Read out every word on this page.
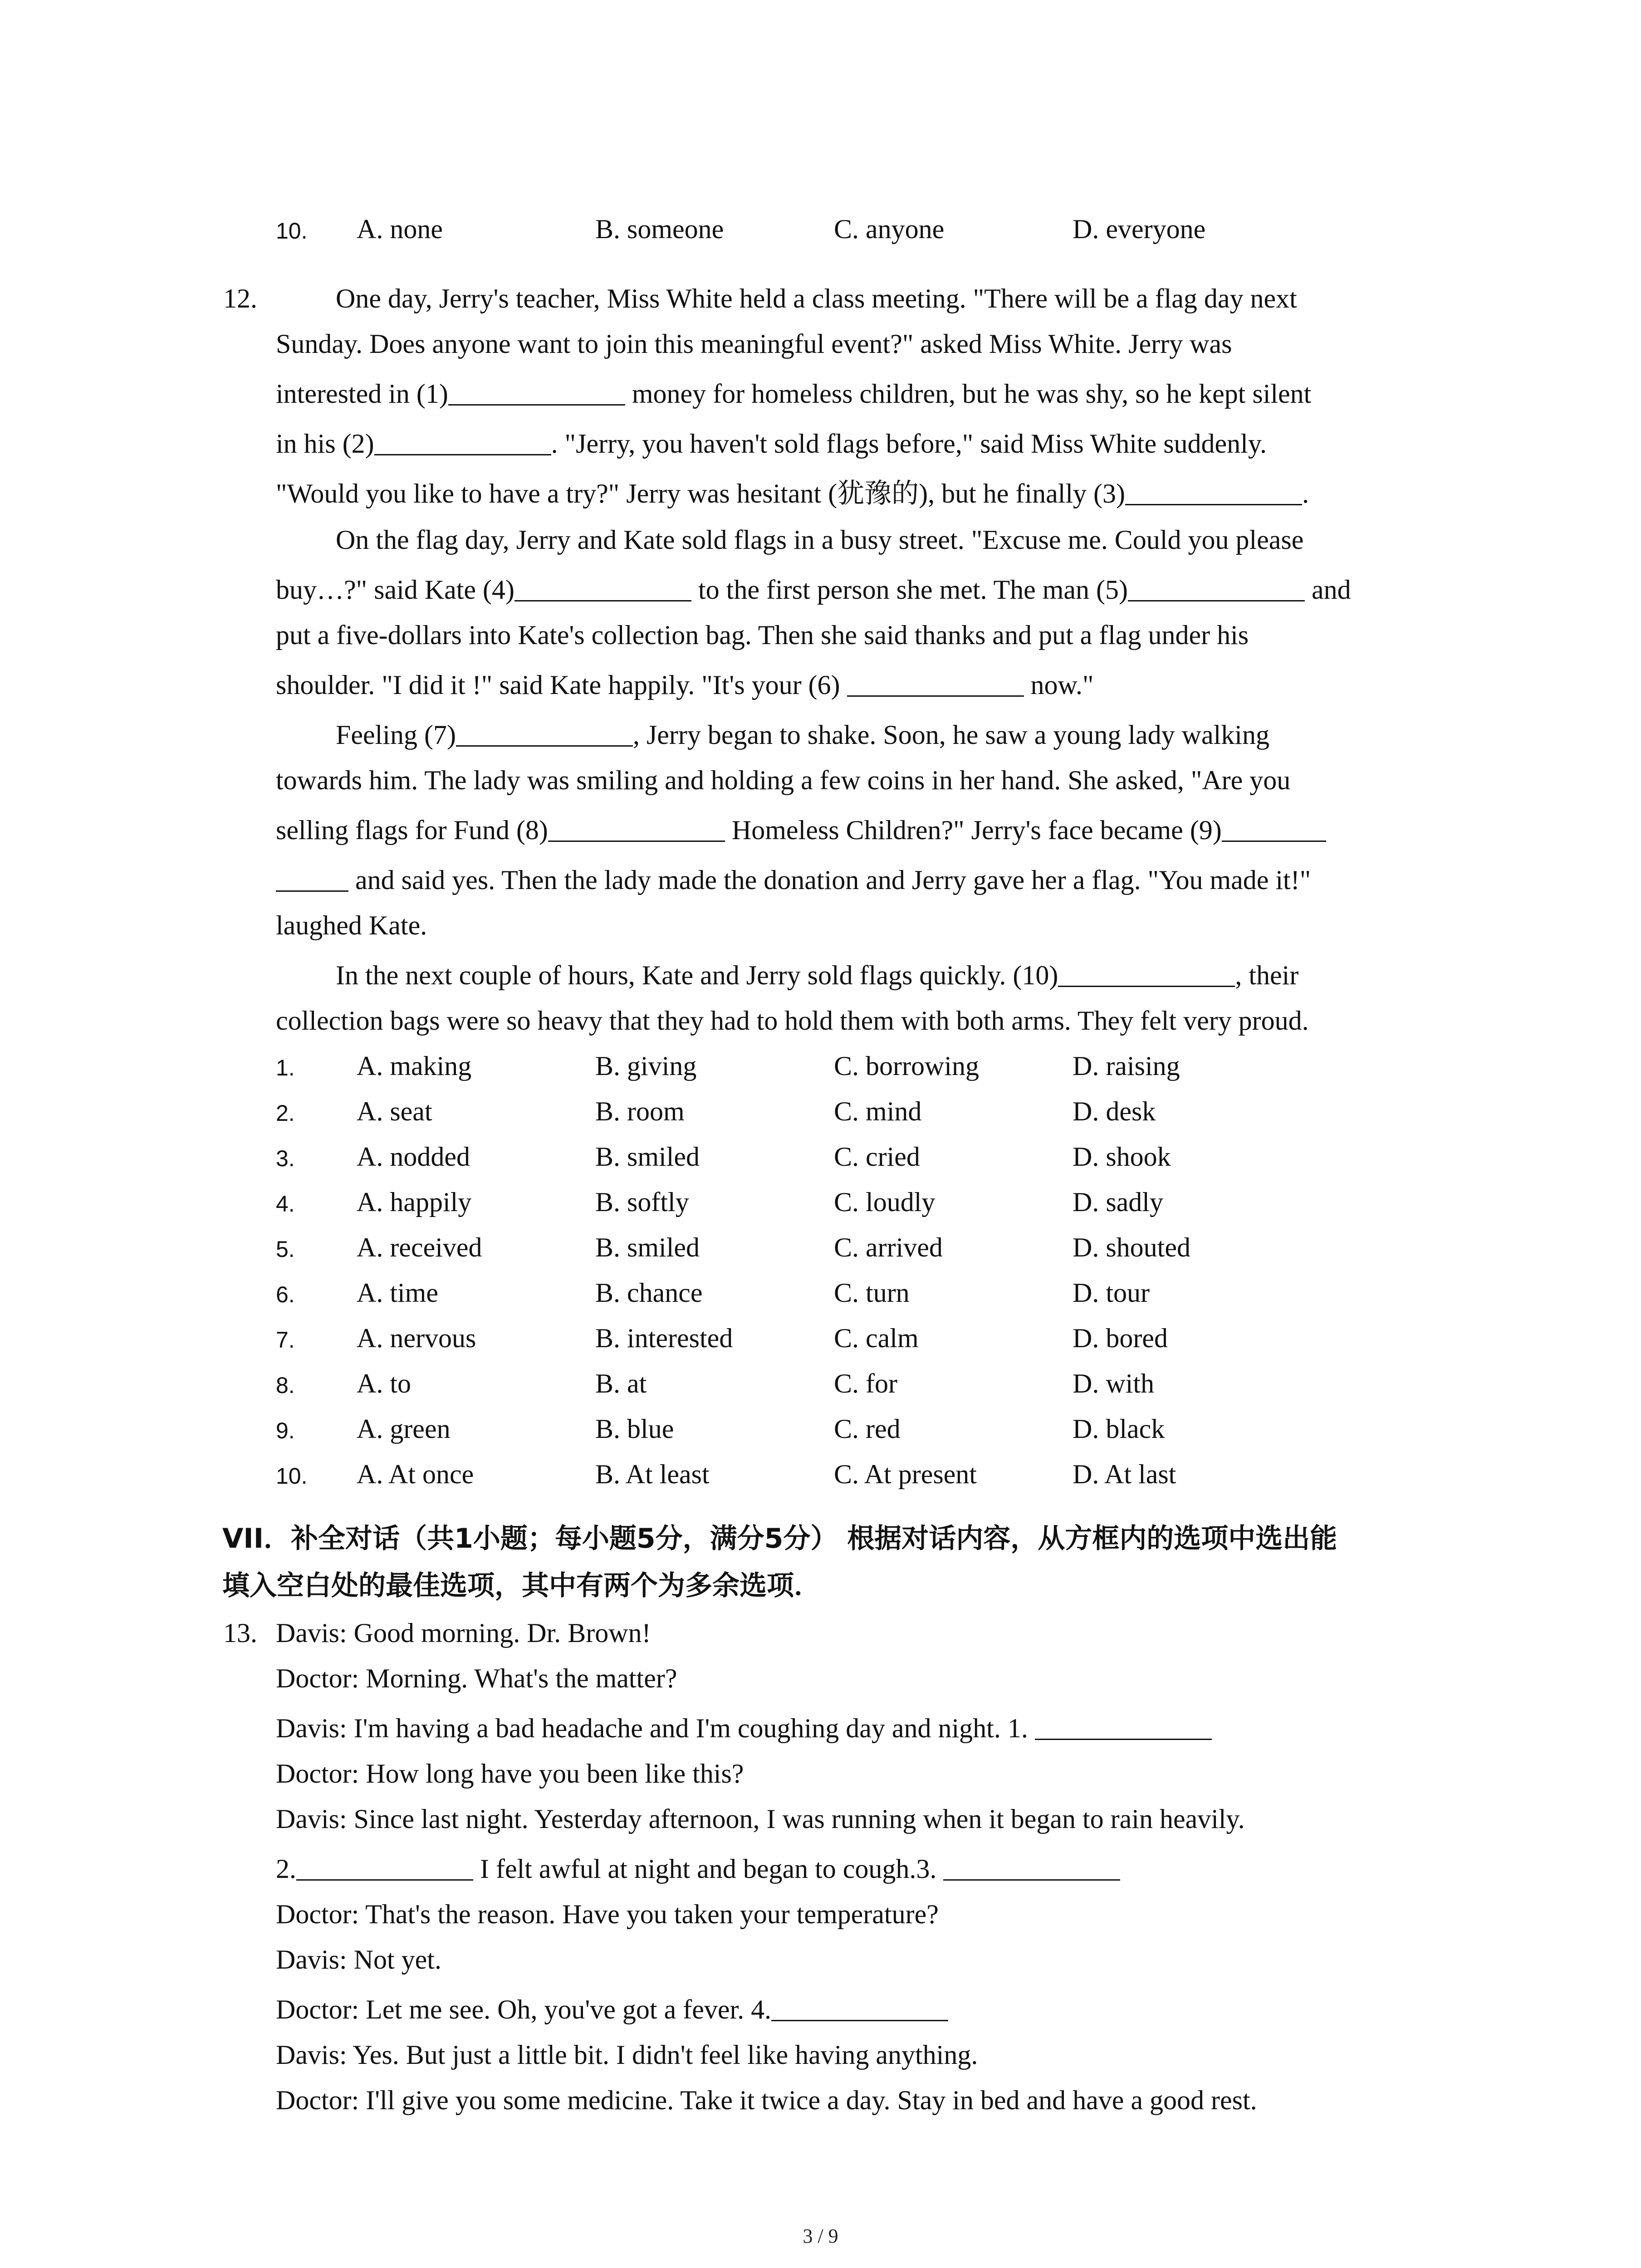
10. A. none	B. someone	C. anyone	D. everyone
12.	One day, Jerry's teacher, Miss White held a class meeting. "There will be a flag day next
Sunday. Does anyone want to join this meaningful event?" asked Miss White. Jerry was
interested in (1)	money for homeless children, but he was shy, so he kept silent
in his (2)	. "Jerry, you haven't sold flags before," said Miss White suddenly.
"Would you like to have a try?" Jerry was hesitant (犹豫的), but he finally (3)	.
On the flag day, Jerry and Kate sold flags in a busy street. "Excuse me. Could you please
buy…?" said Kate (4)	to the first person she met. The man (5)	and
put a five-dollars into Kate's collection bag. Then she said thanks and put a flag under his
shoulder. "I did it !" said Kate happily. "It's your (6)	now."
Feeling (7)	, Jerry began to shake. Soon, he saw a young lady walking
towards him. The lady was smiling and holding a few coins in her hand. She asked, "Are you
selling flags for Fund (8)	Homeless Children?" Jerry's face became (9)
and said yes. Then the lady made the donation and Jerry gave her a flag. "You made it!"
laughed Kate.
In the next couple of hours, Kate and Jerry sold flags quickly. (10)	, their
collection bags were so heavy that they had to hold them with both arms. They felt very proud.
1. A. making	B. giving	C. borrowing	D. raising
2. A. seat	B. room	C. mind	D. desk
3. A. nodded	B. smiled	C. cried	D. shook
4. A. happily	B. softly	C. loudly	D. sadly
5. A. received	B. smiled	C. arrived	D. shouted
6. A. time	B. chance	C. turn	D. tour
7. A. nervous	B. interested	C. calm	D. bored
8. A. to	B. at	C. for	D. with
9. A. green	B. blue	C. red	D. black
10. A. At once	B. At least	C. At present	D. At last
VII．补全对话（共1小题；每小题5分，满分5分） 根据对话内容，从方框内的选项中选出能
填入空白处的最佳选项，其中有两个为多余选项．
13. Davis: Good morning. Dr. Brown!
Doctor: Morning. What's the matter?
Davis: I'm having a bad headache and I'm coughing day and night. 1.
Doctor: How long have you been like this?
Davis: Since last night. Yesterday afternoon, I was running when it began to rain heavily.
2.	I felt awful at night and began to cough.3.
Doctor: That's the reason. Have you taken your temperature?
Davis: Not yet.
Doctor: Let me see. Oh, you've got a fever. 4.
Davis: Yes. But just a little bit. I didn't feel like having anything.
Doctor: I'll give you some medicine. Take it twice a day. Stay in bed and have a good rest.
3 / 9
